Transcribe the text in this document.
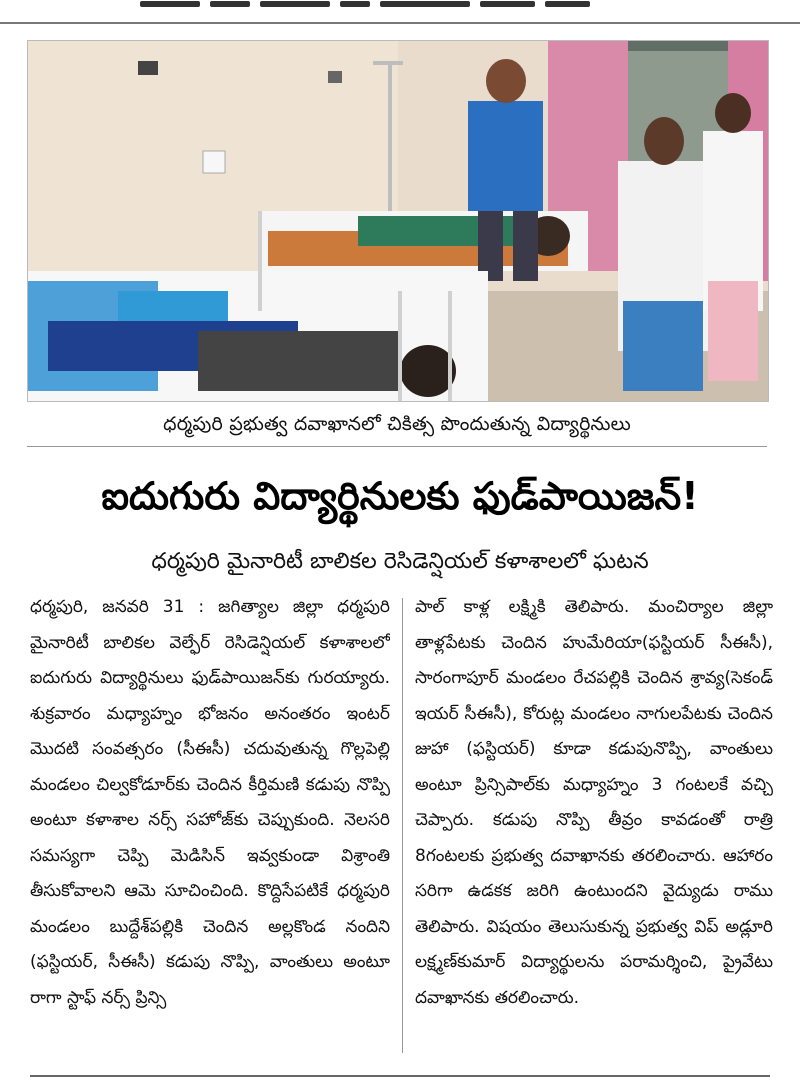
ధర్మపురి ప్రభుత్వ దవాఖానలో చికిత్స పొందుతున్న విద్యార్థినులు
ఐదుగురు విద్యార్థినులకు ఫుడ్‌పాయిజన్‌!
ధర్మపురి మైనారిటీ బాలికల రెసిడెన్షియల్‌ కళాశాలలో ఘటన
ధర్మపురి, జనవరి 31 : జగిత్యాల జిల్లా ధర్మపురి మైనారిటీ బాలికల వెల్ఫేర్‌ రెసిడెన్షియల్‌ కళాశాలలో ఐదుగురు విద్యార్థినులు ఫుడ్‌పాయిజన్‌కు గురయ్యారు. శుక్రవారం మధ్యాహ్నం భోజనం అనంతరం ఇంటర్‌ మొదటి సంవత్సరం (సీఈసీ) చదువుతున్న గొల్లపెల్లి మండలం చిల్వకోడూర్‌కు చెందిన కీర్తిమణి కడుపు నొప్పి అంటూ కళాశాల నర్స్‌ సహోజ్‌కు చెప్పుకుంది. నెలసరి సమస్యగా చెప్పి మెడిసిన్‌ ఇవ్వకుండా విశ్రాంతి తీసుకోవాలని ఆమె సూచించింది. కొద్దిసేపటికే ధర్మపురి మండలం బుద్దేశ్‌పల్లికి చెందిన అల్లకొండ నందిని (ఫస్టియర్‌, సీఈసీ) కడుపు నొప్పి, వాంతులు అంటూ రాగా స్టాఫ్‌ నర్స్‌ ప్రిన్సి
పాల్‌ కాళ్ల లక్ష్మికి తెలిపారు. మంచిర్యాల జిల్లా తాళ్లపేటకు చెందిన హుమేరియా(ఫస్టియర్‌ సీఈసీ), సారంగాపూర్‌ మండలం రేచపల్లికి చెందిన శ్రావ్య(సెకండ్‌ ఇయర్‌ సీఈసీ), కోరుట్ల మండలం నాగులపేటకు చెందిన జుహా (ఫస్టియర్‌) కూడా కడుపునొప్పి, వాంతులు అంటూ ప్రిన్సిపాల్‌కు మధ్యాహ్నం 3 గంటలకే వచ్చి చెప్పారు. కడుపు నొప్పి తీవ్రం కావడంతో రాత్రి 8గంటలకు ప్రభుత్వ దవాఖానకు తరలించారు. ఆహారం సరిగా ఉడకక జరిగి ఉంటుందని వైద్యుడు రాము తెలిపారు. విషయం తెలుసుకున్న ప్రభుత్వ విప్‌ అడ్లూరి లక్ష్మణ్‌కుమార్‌ విద్యార్థులను పరామర్శించి, ప్రైవేటు దవాఖానకు తరలించారు.
